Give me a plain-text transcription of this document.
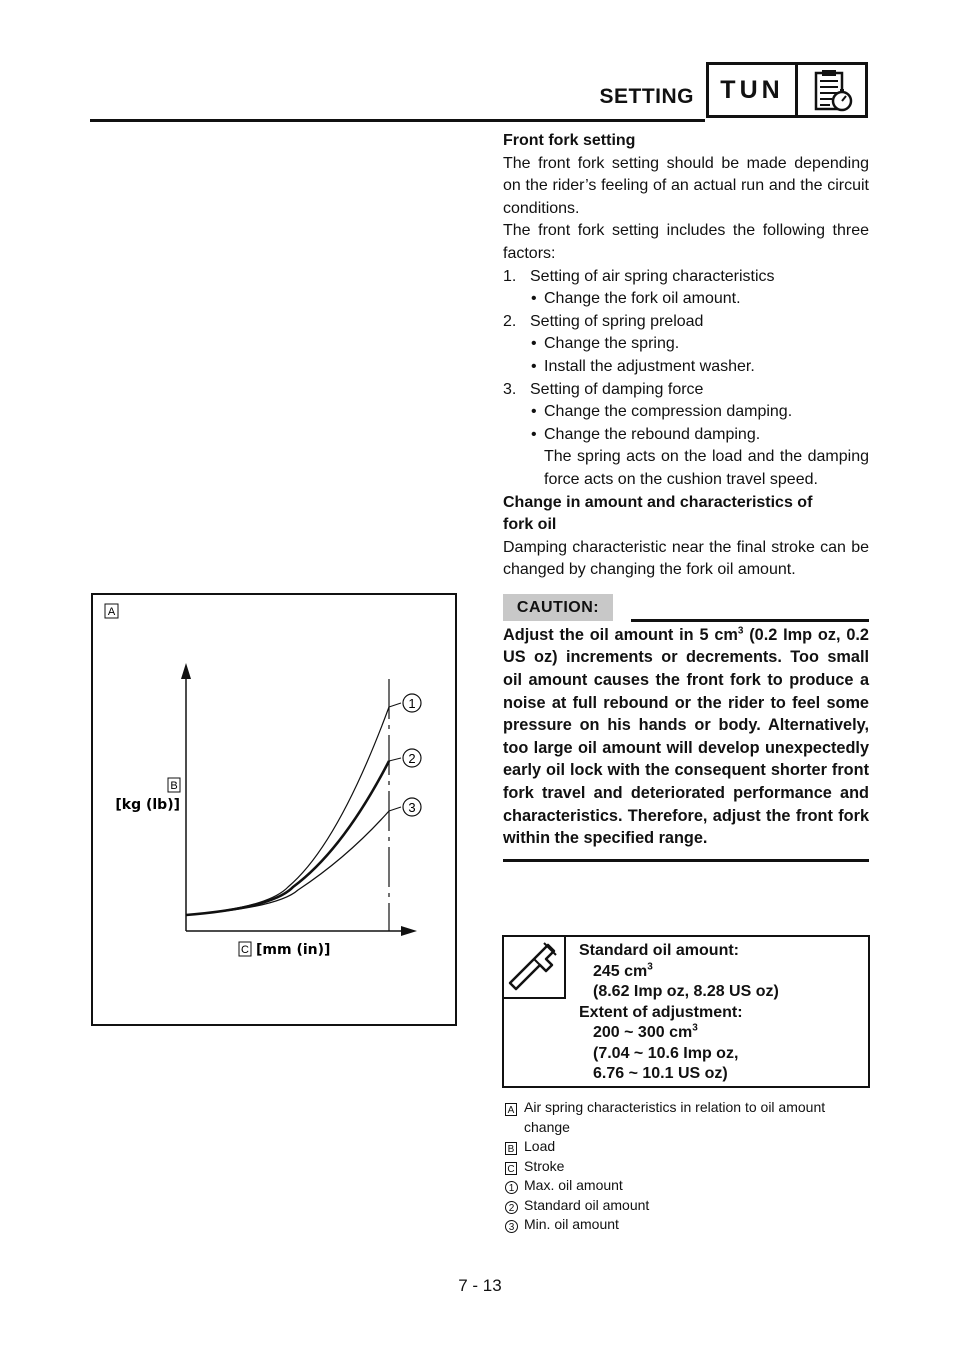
SETTING	TUN

Front fork setting

The front fork setting should be made depending on the rider’s feeling of an actual run and the circuit conditions.

The front fork setting includes the following three factors:

1. Setting of air spring characteristics
• Change the fork oil amount.
2. Setting of spring preload
• Change the spring.
• Install the adjustment washer.
3. Setting of damping force
• Change the compression damping.
• Change the rebound damping.

The spring acts on the load and the damping force acts on the cushion travel speed.

Change in amount and characteristics of

fork oil

Damping characteristic near the final stroke can be changed by changing the fork oil amount.

CAUTION:

Adjust the oil amount in 5 $cm^3$ (0.2 Imp oz, 0.2 US oz) increments or decrements. Too small oil amount causes the front fork to produce a noise at full rebound or the rider to feel some pressure on his hands or body. Alternatively, too large oil amount will develop unexpectedly early oil lock with the consequent shorter front fork travel and deteriorated performance and characteristics. Therefore, adjust the front fork within the specified range.

Standard oil amount:
245 $cm^3$
(8.62 Imp oz, 8.28 US oz)
Extent of adjustment:
200 ~ 300 $cm^3$
(7.04 ~ 10.6 Imp oz,
6.76 ~ 10.1 US oz)
A Air spring characteristics in relation to oil amount change
B Load
C Stroke
1 Max. oil amount
2 Standard oil amount
3 Min. oil amount
A
1
2
3
B
[kg (lb)]
C [mm (in)]
7 - 13
